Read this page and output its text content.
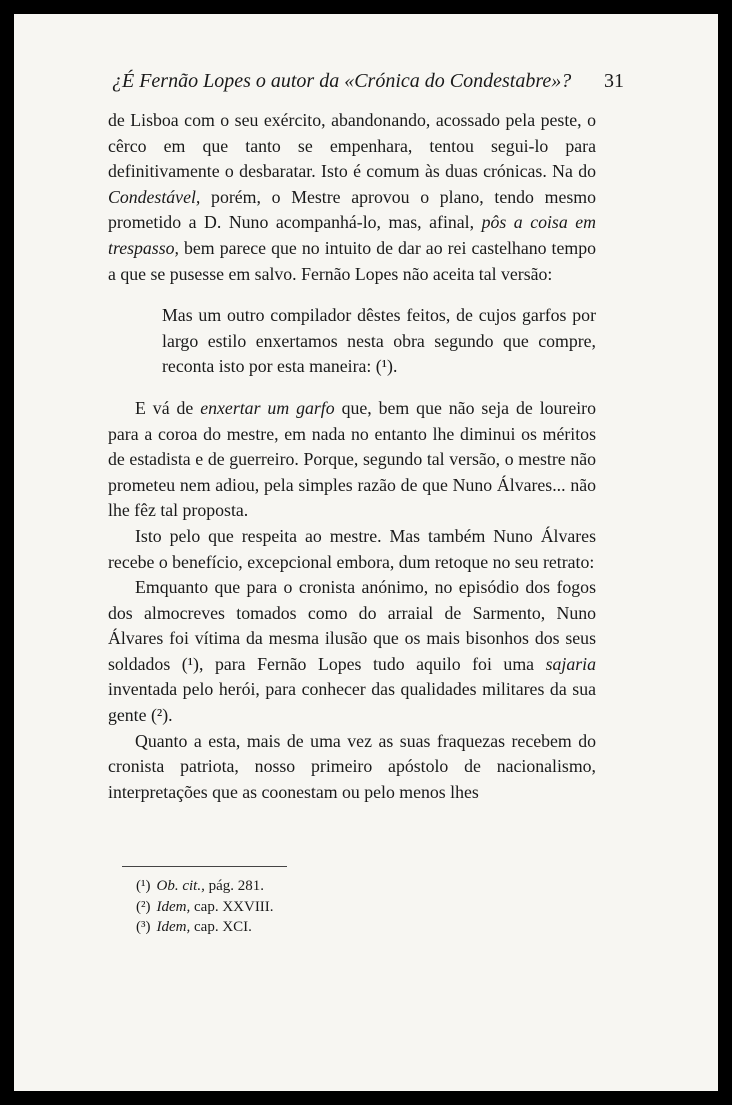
¿É Fernão Lopes o autor da «Crónica do Condestabre»? 31

de Lisboa com o seu exército, abandonando, acossado pela peste, o cêrco em que tanto se empenhara, tentou segui-lo para definitivamente o desbaratar. Isto é comum às duas crónicas. Na do Condestável, porém, o Mestre aprovou o plano, tendo mesmo prometido a D. Nuno acompanhá-lo, mas, afinal, pôs a coisa em trespasso, bem parece que no intuito de dar ao rei castelhano tempo a que se pusesse em salvo. Fernão Lopes não aceita tal versão:

Mas um outro compilador dêstes feitos, de cujos garfos por largo estilo enxertamos nesta obra segundo que compre, reconta isto por esta maneira: (¹).

E vá de enxertar um garfo que, bem que não seja de loureiro para a coroa do mestre, em nada no entanto lhe diminui os méritos de estadista e de guerreiro. Porque, segundo tal versão, o mestre não prometeu nem adiou, pela simples razão de que Nuno Álvares... não lhe fêz tal proposta.

Isto pelo que respeita ao mestre. Mas também Nuno Álvares recebe o benefício, excepcional embora, dum retoque no seu retrato:

Emquanto que para o cronista anónimo, no episódio dos fogos dos almocreves tomados como do arraial de Sarmento, Nuno Álvares foi vítima da mesma ilusão que os mais bisonhos dos seus soldados (¹), para Fernão Lopes tudo aquilo foi uma sajaria inventada pelo herói, para conhecer das qualidades militares da sua gente (²).

Quanto a esta, mais de uma vez as suas fraquezas recebem do cronista patriota, nosso primeiro apóstolo de nacionalismo, interpretações que as coonestam ou pelo menos lhes

(¹) Ob. cit., pág. 281.
(²) Idem, cap. XXVIII.
(³) Idem, cap. XCI.
